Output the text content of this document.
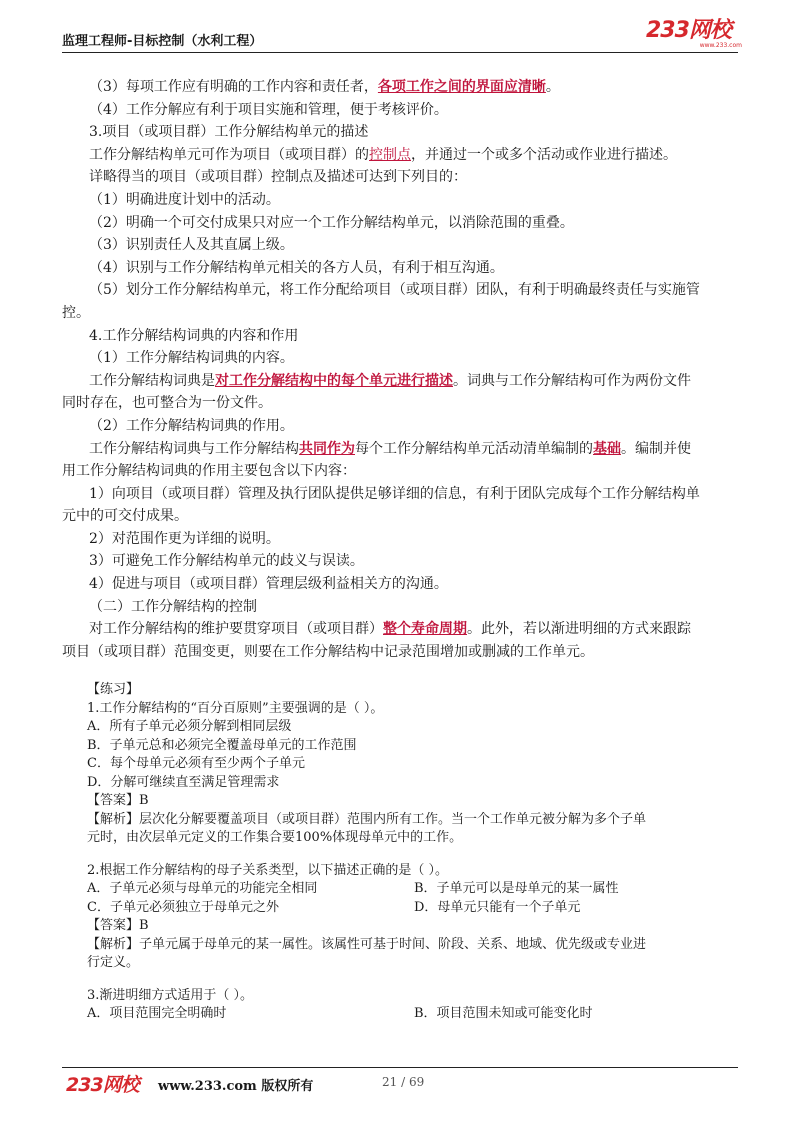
监理工程师-目标控制（水利工程）	233网校
www.233.com
（3）每项工作应有明确的工作内容和责任者，各项工作之间的界面应清晰。
（4）工作分解应有利于项目实施和管理，便于考核评价。
3.项目（或项目群）工作分解结构单元的描述
工作分解结构单元可作为项目（或项目群）的控制点，并通过一个或多个活动或作业进行描述。
详略得当的项目（或项目群）控制点及描述可达到下列目的：
（1）明确进度计划中的活动。
（2）明确一个可交付成果只对应一个工作分解结构单元，以消除范围的重叠。
（3）识别责任人及其直属上级。
（4）识别与工作分解结构单元相关的各方人员，有利于相互沟通。
（5）划分工作分解结构单元，将工作分配给项目（或项目群）团队，有利于明确最终责任与实施管
控。
4.工作分解结构词典的内容和作用
（1）工作分解结构词典的内容。
工作分解结构词典是对工作分解结构中的每个单元进行描述。词典与工作分解结构可作为两份文件
同时存在，也可整合为一份文件。
（2）工作分解结构词典的作用。
工作分解结构词典与工作分解结构共同作为每个工作分解结构单元活动清单编制的基础。编制并使
用工作分解结构词典的作用主要包含以下内容：
1）向项目（或项目群）管理及执行团队提供足够详细的信息，有利于团队完成每个工作分解结构单
元中的可交付成果。
2）对范围作更为详细的说明。
3）可避免工作分解结构单元的歧义与误读。
4）促进与项目（或项目群）管理层级利益相关方的沟通。
（二）工作分解结构的控制
对工作分解结构的维护要贯穿项目（或项目群）整个寿命周期。此外，若以渐进明细的方式来跟踪
项目（或项目群）范围变更，则要在工作分解结构中记录范围增加或删减的工作单元。
【练习】
1.工作分解结构的“百分百原则”主要强调的是（ ）。
A．所有子单元必须分解到相同层级
B．子单元总和必须完全覆盖母单元的工作范围
C．每个母单元必须有至少两个子单元
D．分解可继续直至满足管理需求
【答案】B
【解析】层次化分解要覆盖项目（或项目群）范围内所有工作。当一个工作单元被分解为多个子单
元时，由次层单元定义的工作集合要100%体现母单元中的工作。
2.根据工作分解结构的母子关系类型，以下描述正确的是（ ）。
A．子单元必须与母单元的功能完全相同	B．子单元可以是母单元的某一属性
C．子单元必须独立于母单元之外	D．母单元只能有一个子单元
【答案】B
【解析】子单元属于母单元的某一属性。该属性可基于时间、阶段、关系、地域、优先级或专业进
行定义。
3.渐进明细方式适用于（ ）。
A．项目范围完全明确时	B．项目范围未知或可能变化时
233网校 www.233.com 版权所有	21 / 69
